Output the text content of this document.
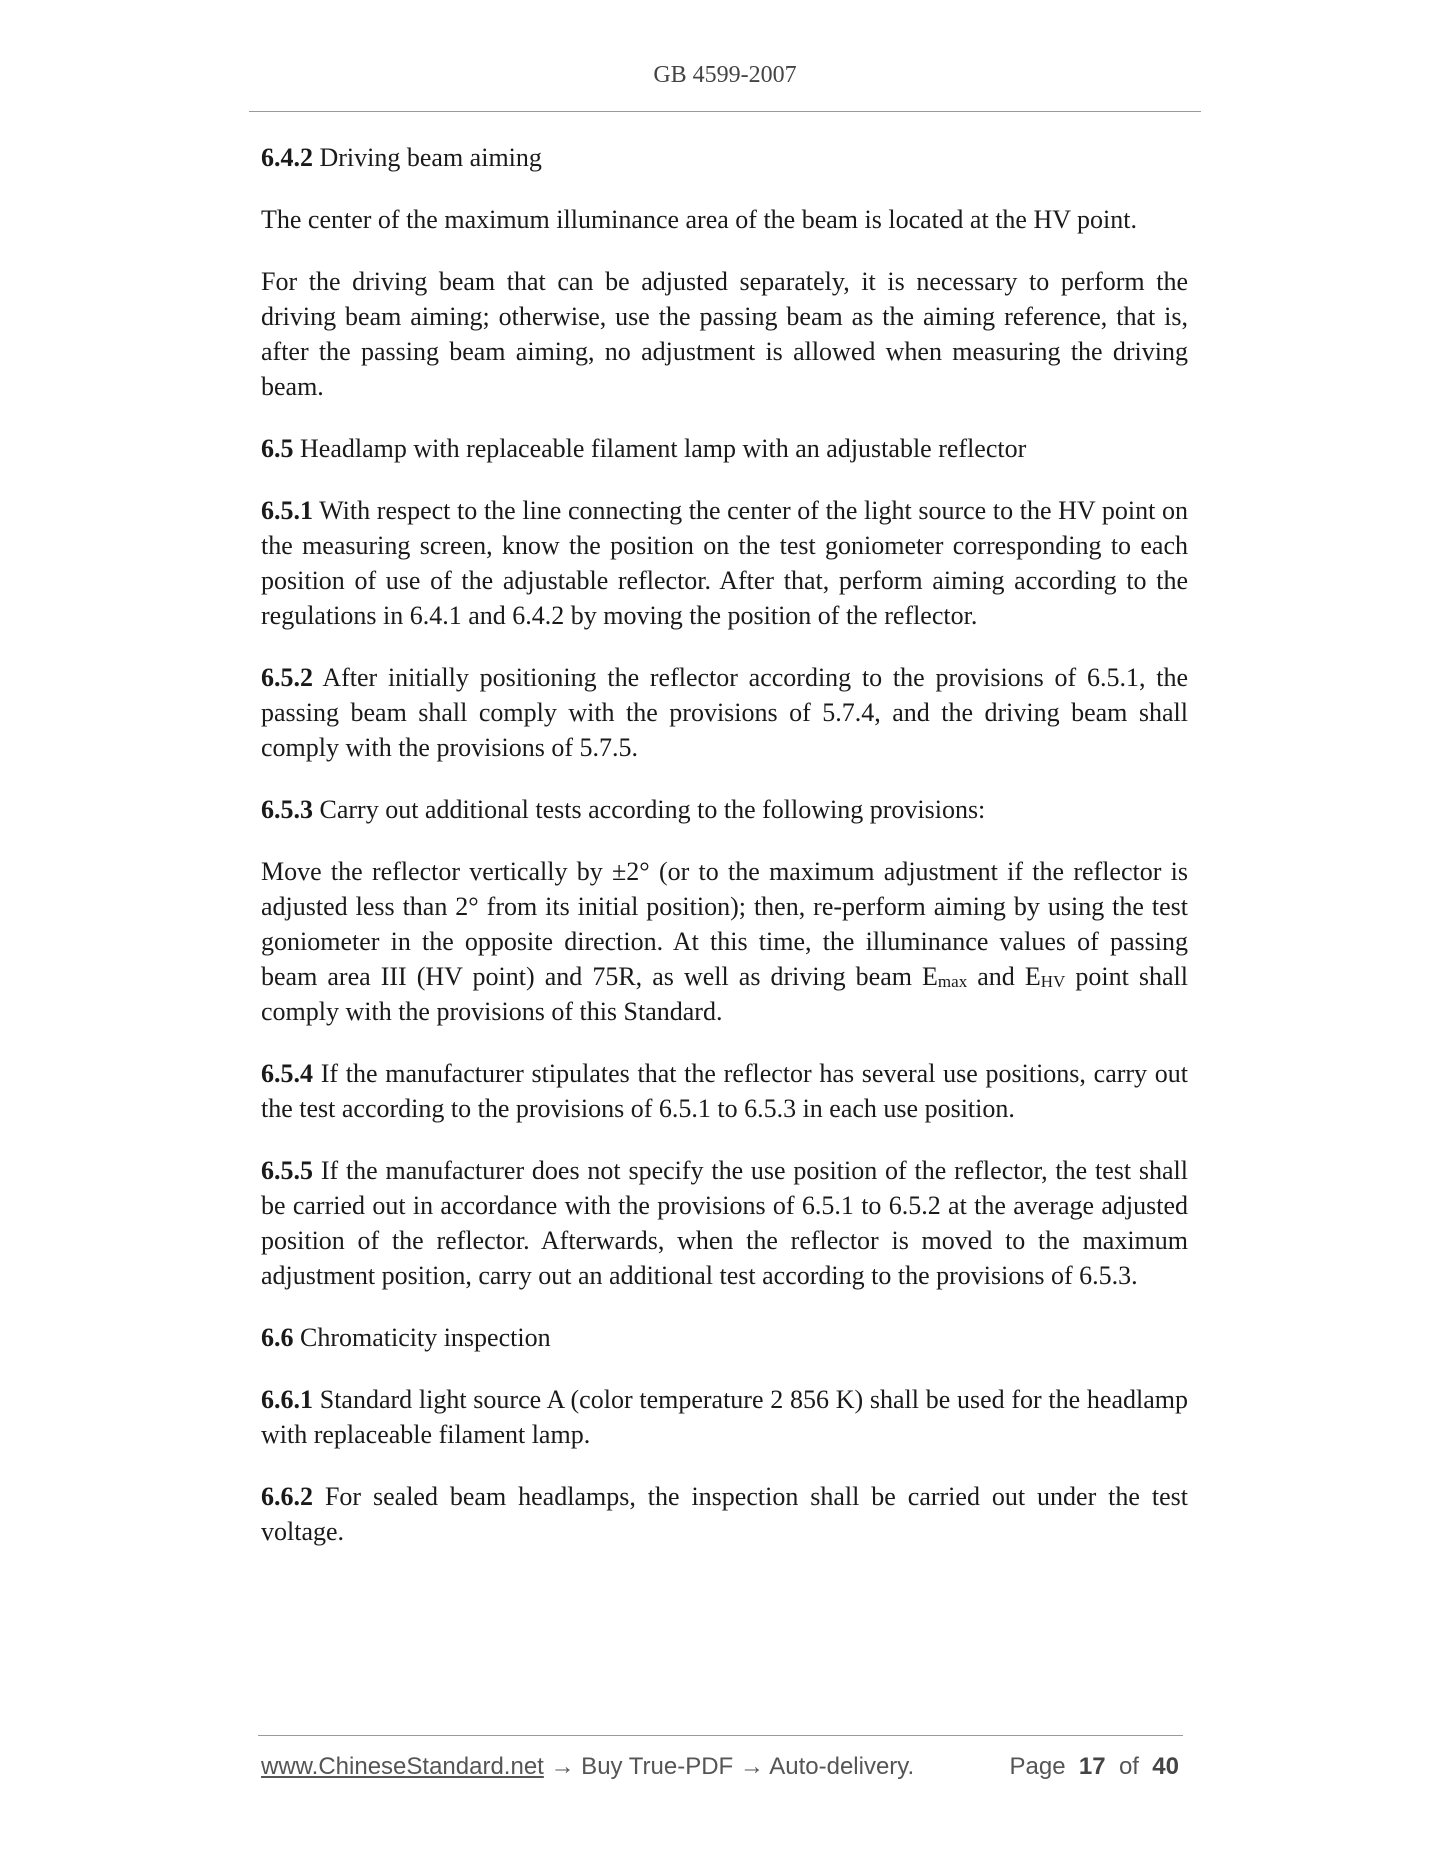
GB 4599-2007

6.4.2 Driving beam aiming

The center of the maximum illuminance area of the beam is located at the HV point.

For the driving beam that can be adjusted separately, it is necessary to perform the driving beam aiming; otherwise, use the passing beam as the aiming reference, that is, after the passing beam aiming, no adjustment is allowed when measuring the driving beam.

6.5 Headlamp with replaceable filament lamp with an adjustable reflector

6.5.1 With respect to the line connecting the center of the light source to the HV point on the measuring screen, know the position on the test goniometer corresponding to each position of use of the adjustable reflector. After that, perform aiming according to the regulations in 6.4.1 and 6.4.2 by moving the position of the reflector.

6.5.2 After initially positioning the reflector according to the provisions of 6.5.1, the passing beam shall comply with the provisions of 5.7.4, and the driving beam shall comply with the provisions of 5.7.5.

6.5.3 Carry out additional tests according to the following provisions:

Move the reflector vertically by ±2° (or to the maximum adjustment if the reflector is adjusted less than 2° from its initial position); then, re-perform aiming by using the test goniometer in the opposite direction. At this time, the illuminance values of passing beam area III (HV point) and 75R, as well as driving beam Emax and EHV point shall comply with the provisions of this Standard.

6.5.4 If the manufacturer stipulates that the reflector has several use positions, carry out the test according to the provisions of 6.5.1 to 6.5.3 in each use position.

6.5.5 If the manufacturer does not specify the use position of the reflector, the test shall be carried out in accordance with the provisions of 6.5.1 to 6.5.2 at the average adjusted position of the reflector. Afterwards, when the reflector is moved to the maximum adjustment position, carry out an additional test according to the provisions of 6.5.3.

6.6 Chromaticity inspection

6.6.1 Standard light source A (color temperature 2 856 K) shall be used for the headlamp with replaceable filament lamp.

6.6.2 For sealed beam headlamps, the inspection shall be carried out under the test voltage.

www.ChineseStandard.net → Buy True-PDF → Auto-delivery.	Page 17 of 40
